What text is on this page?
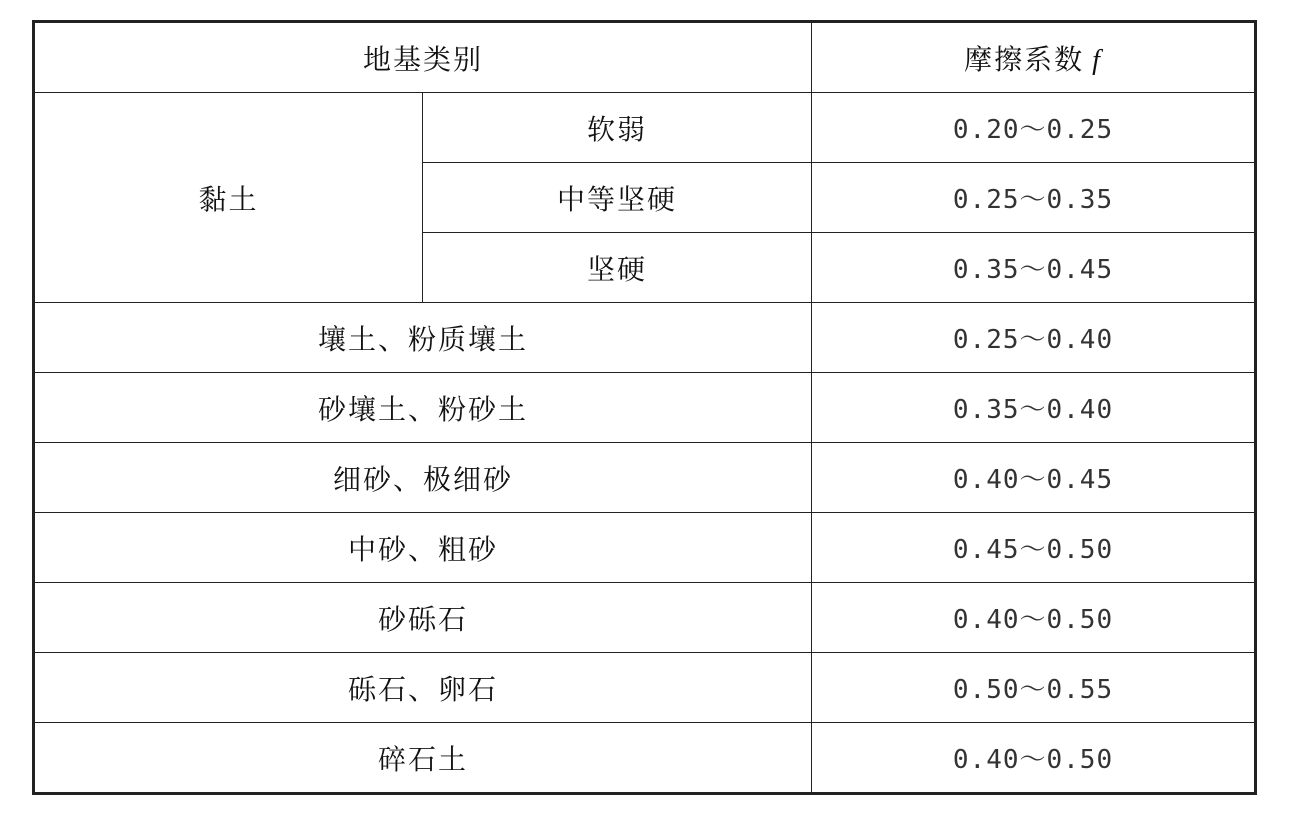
地基类别		摩擦系数 f
黏土	软弱	0.20～0.25
	中等坚硬	0.25～0.35
	坚硬	0.35～0.45
壤土、粉质壤土		0.25～0.40
砂壤土、粉砂土		0.35～0.40
细砂、极细砂		0.40～0.45
中砂、粗砂		0.45～0.50
砂砾石		0.40～0.50
砾石、卵石		0.50～0.55
碎石土		0.40～0.50
